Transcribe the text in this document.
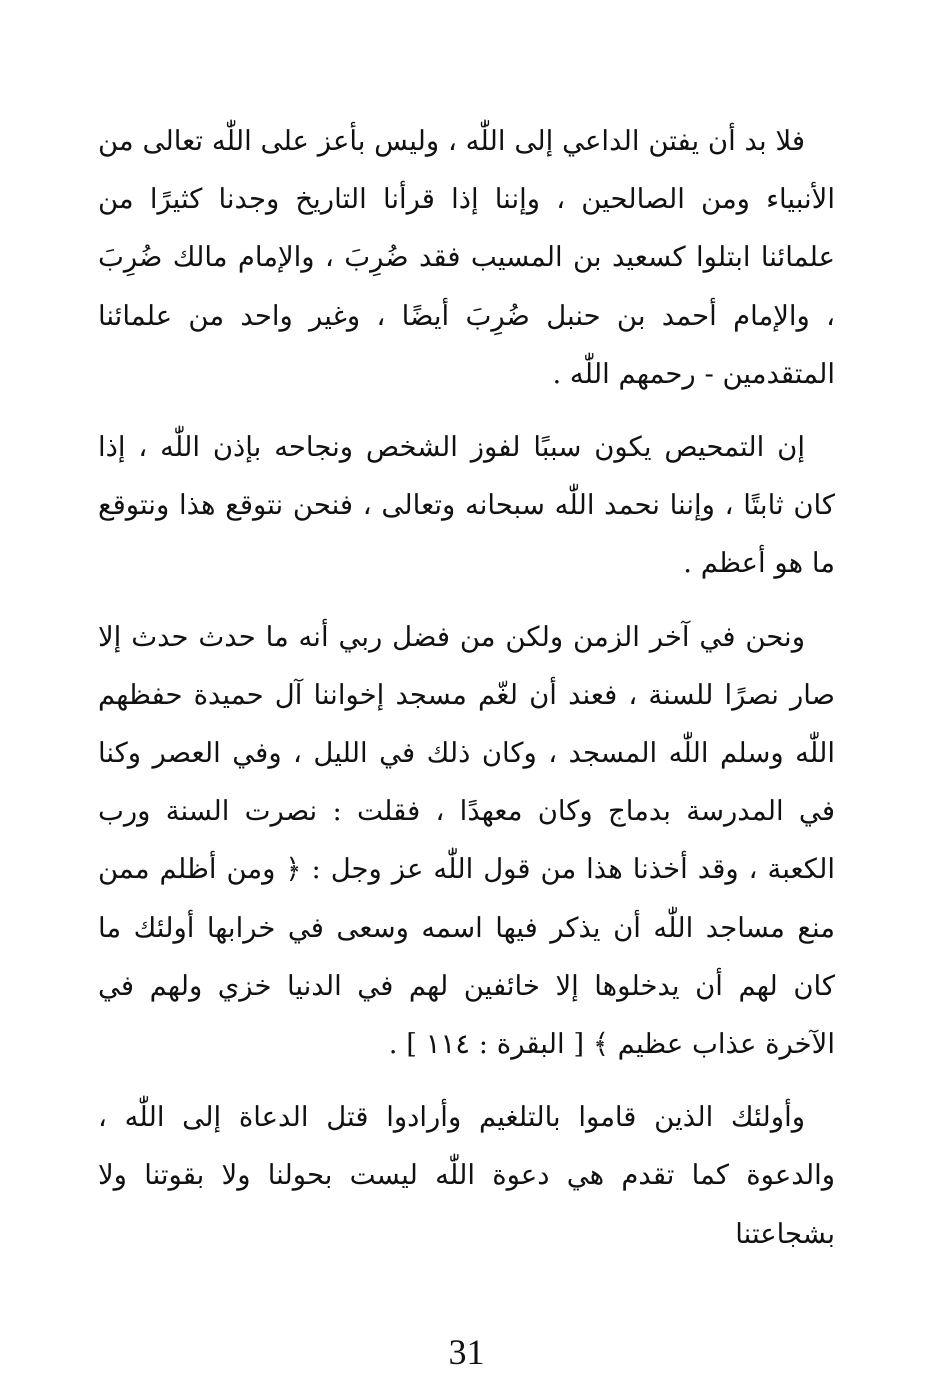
فلا بد أن يفتن الداعي إلى اللّٰه ، وليس بأعز على اللّٰه تعالى من الأنبياء ومن الصالحين ، وإننا إذا قرأنا التاريخ وجدنا كثيرًا من علمائنا ابتلوا كسعيد بن المسيب فقد ضُرِبَ ، والإمام مالك ضُرِبَ ، والإمام أحمد بن حنبل ضُرِبَ أيضًا ، وغير واحد من علمائنا المتقدمين - رحمهم اللّٰه .

إن التمحيص يكون سببًا لفوز الشخص ونجاحه بإذن اللّٰه ، إذا كان ثابتًا ، وإننا نحمد اللّٰه سبحانه وتعالى ، فنحن نتوقع هذا ونتوقع ما هو أعظم .

ونحن في آخر الزمن ولكن من فضل ربي أنه ما حدث حدث إلا صار نصرًا للسنة ، فعند أن لغّم مسجد إخواننا آل حميدة حفظهم اللّٰه وسلم اللّٰه المسجد ، وكان ذلك في الليل ، وفي العصر وكنا في المدرسة بدماج وكان معهدًا ، فقلت : نصرت السنة ورب الكعبة ، وقد أخذنا هذا من قول اللّٰه عز وجل : ﴿ ومن أظلم ممن منع مساجد اللّٰه أن يذكر فيها اسمه وسعى في خرابها أولئك ما كان لهم أن يدخلوها إلا خائفين لهم في الدنيا خزي ولهم في الآخرة عذاب عظيم ﴾ [ البقرة : ١١٤ ] .

وأولئك الذين قاموا بالتلغيم وأرادوا قتل الدعاة إلى اللّٰه ، والدعوة كما تقدم هي دعوة اللّٰه ليست بحولنا ولا بقوتنا ولا بشجاعتنا

31
